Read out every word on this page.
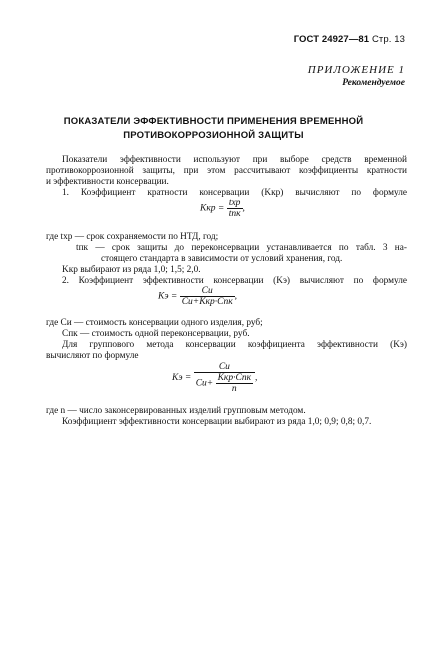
ГОСТ 24927—81 Стр. 13
ПРИЛОЖЕНИЕ 1
Рекомендуемое
ПОКАЗАТЕЛИ ЭФФЕКТИВНОСТИ ПРИМЕНЕНИЯ ВРЕМЕННОЙ
ПРОТИВОКОРРОЗИОННОЙ ЗАЩИТЫ
Показатели эффективности используют при выборе средств временной
противокоррозионной защиты, при этом рассчитывают коэффициенты кратности
и эффективности консервации.
1. Коэффициент кратности консервации (Kкр) вычисляют по формуле
Kкр = $\frac{\text{tхр}}{\text{tпк}}$ ,
где tхр — срок сохраняемости по НТД, год;
tпк — срок защиты до переконсервации устанавливается по табл. 3 на-
стоящего стандарта в зависимости от условий хранения, год.
Kкр выбирают из ряда 1,0; 1,5; 2,0.
2. Коэффициент эффективности консервации (Kэ) вычисляют по формуле
Kэ = $\frac{Cи}{\text{Cи+Kкр·Cпк}}$ ,
где Cи — стоимость консервации одного изделия, руб;
Cпк — стоимость одной переконсервации, руб.
Для группового метода консервации коэффициента эффективности (Kэ)
вычисляют по формуле
Kэ = $\frac{Cи}{Cи+ \frac{\text{Kкр·Cпк}}{n}}$ ,
где n — число законсервированных изделий групповым методом.
Коэффициент эффективности консервации выбирают из ряда 1,0; 0,9; 0,8; 0,7.
